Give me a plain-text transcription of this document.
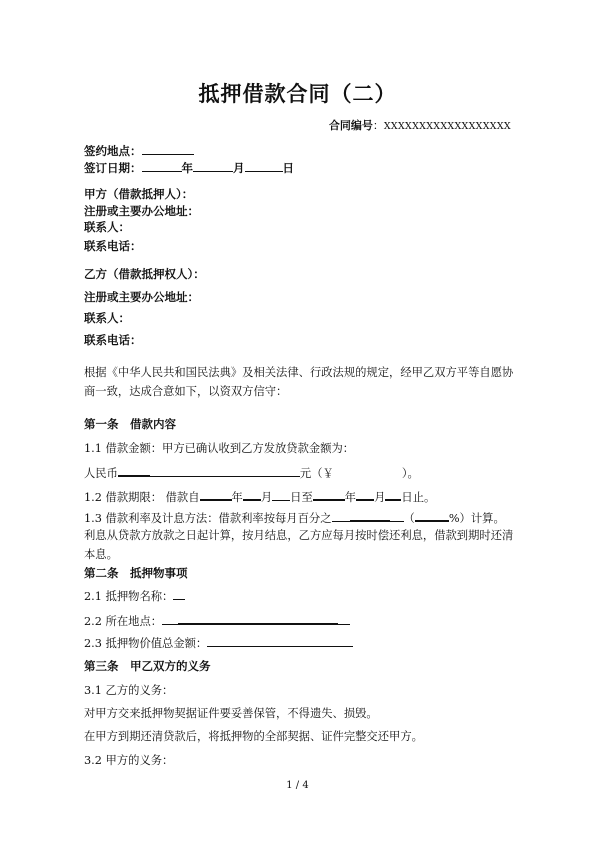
抵押借款合同（二）
合同编号：XXXXXXXXXXXXXXXXXX
签约地点：
签订日期：	年	月	日
甲方（借款抵押人）：
注册或主要办公地址：
联系人：
联系电话：
乙方（借款抵押权人）：
注册或主要办公地址：
联系人：
联系电话：
根据《中华人民共和国民法典》及相关法律、行政法规的规定，经甲乙双方平等自愿协商一致，达成合意如下，以资双方信守：
第一条　借款内容
1.1 借款金额：甲方已确认收到乙方发放贷款金额为：
人民币	元（￥	）。
1.2 借款期限： 借款自	年 月 日至	年 月 日止。
1.3 借款利率及计息方法：借款利率按每月百分之	（	%）计算。
利息从贷款方放款之日起计算，按月结息，乙方应每月按时偿还利息，借款到期时还清本息。
第二条　抵押物事项
2.1 抵押物名称：
2.2 所在地点：
2.3 抵押物价值总金额：
第三条　甲乙双方的义务
3.1 乙方的义务：
对甲方交来抵押物契据证件要妥善保管，不得遗失、损毁。
在甲方到期还清贷款后，将抵押物的全部契据、证件完整交还甲方。
3.2 甲方的义务：
1 / 4
